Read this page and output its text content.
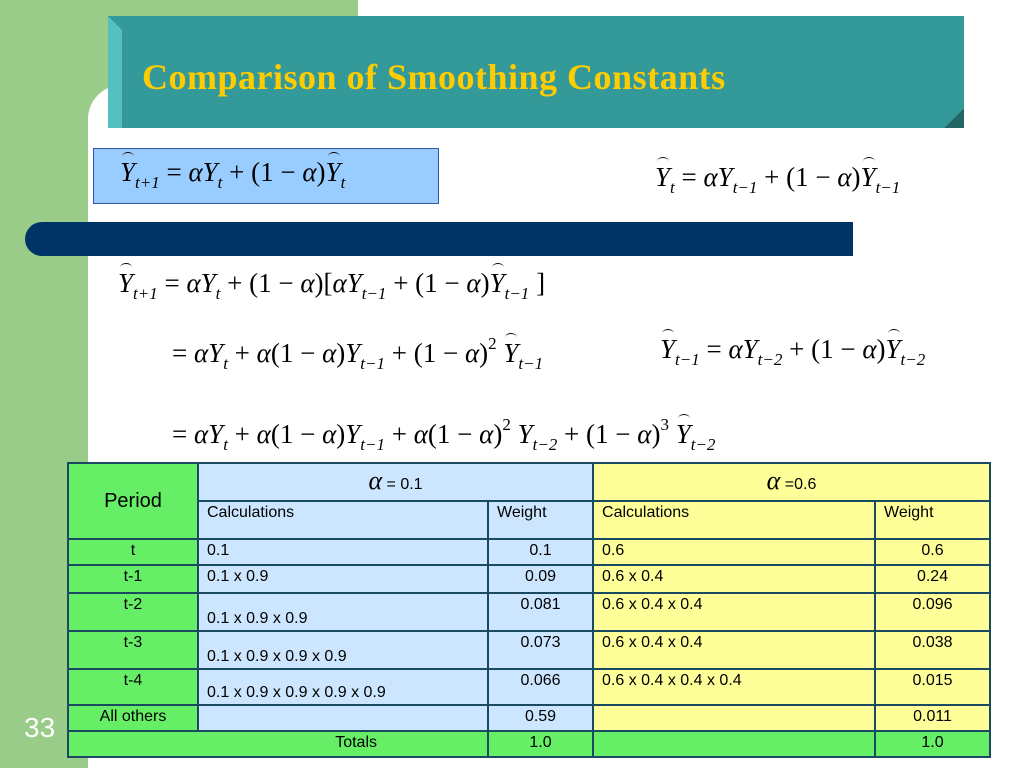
Comparison of Smoothing Constants
$Y_{t+1} = \alpha Y_t + (1 - \alpha)Y_t$	$Y_t = \alpha Y_{t-1} + (1 - \alpha)Y_{t-1}$
$Y_{t+1} = \alpha Y_t + (1 - \alpha)[\alpha Y_{t-1} + (1 - \alpha)Y_{t-1}$ ]
= $\alpha Y_t + \alpha(1 - \alpha)Y_{t-1} + (1 - \alpha)^2$ $Y_{t-1}$	$Y_{t-1} = \alpha Y_{t-2} + (1 - \alpha)Y_{t-2}$
= $\alpha Y_t + \alpha(1 - \alpha)Y_{t-1} + \alpha(1 - \alpha)^2$ $Y_{t-2} + (1 - \alpha)^3$ $Y_{t-2}$
Period	α = 0.1		α =0.6	
	Calculations	Weight	Calculations	Weight
t	0.1	0.1	0.6	0.6
t-1	0.1 x 0.9	0.09	0.6 x 0.4	0.24
t-2	0.1 x 0.9 x 0.9	0.081	0.6 x 0.4 x 0.4	0.096
t-3	0.1 x 0.9 x 0.9 x 0.9	0.073	0.6 x 0.4 x 0.4	0.038
t-4	0.1 x 0.9 x 0.9 x 0.9 x 0.9	0.066	0.6 x 0.4 x 0.4 x 0.4	0.015
All others		0.59		0.011
Totals		1.0		1.0
33
